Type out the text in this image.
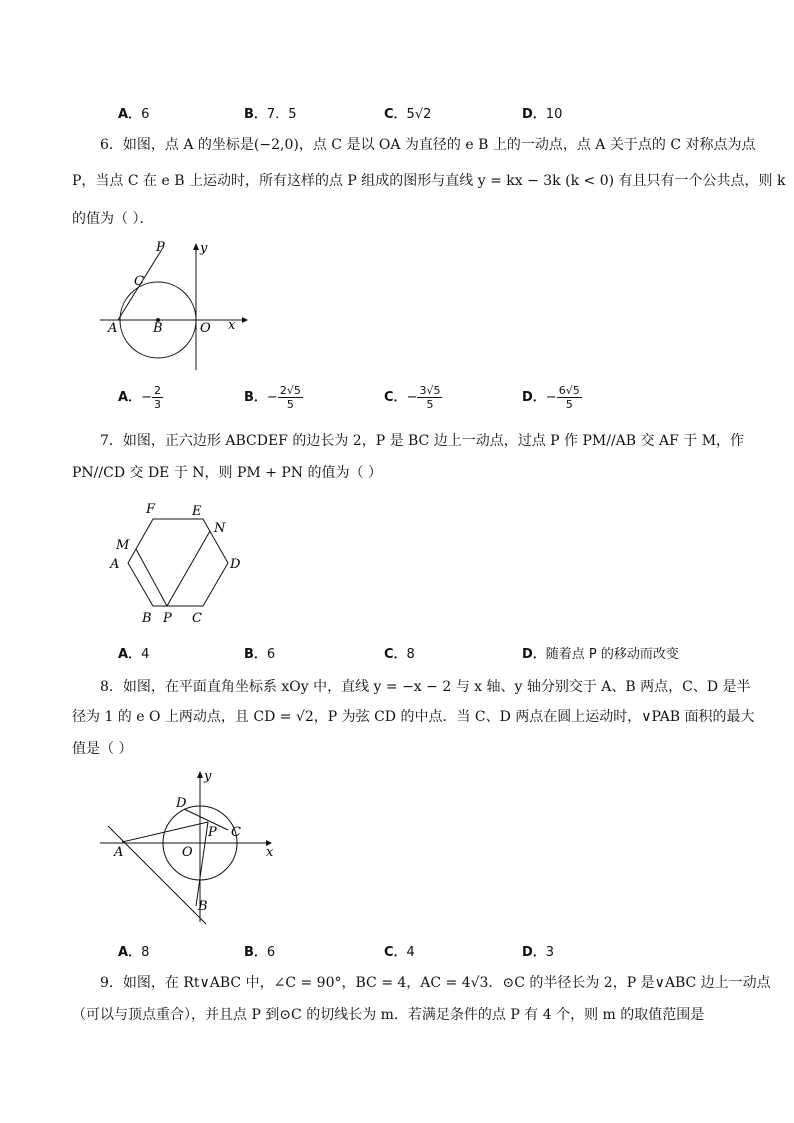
A．6	B．7．5	C．5√2	D．10
6．如图，点 A 的坐标是(−2,0)，点 C 是以 OA 为直径的 e B 上的一动点，点 A 关于点的 C 对称点为点
P，当点 C 在 e B 上运动时，所有这样的点 P 组成的图形与直线 y = kx − 3k (k < 0) 有且只有一个公共点，则 k
的值为（ ）．
P	y
C
A	B	O x
A．− $\frac{2}{3}$	B．− $\frac{2√5}{5}$	C．− $\frac{3√5}{5}$	D．− $\frac{6√5}{5}$
7．如图，正六边形 ABCDEF 的边长为 2，P 是 BC 边上一动点，过点 P 作 PM//AB 交 AF 于 M，作
PN//CD 交 DE 于 N，则 PM + PN 的值为（ ）
F	E
N
M
A	D
B P C
A．4	B．6	C．8	D．随着点 P 的移动而改变
8．如图，在平面直角坐标系 xOy 中，直线 y = −x − 2 与 x 轴、y 轴分别交于 A、B 两点，C、D 是半
径为 1 的 e O 上两动点，且 CD = √2，P 为弦 CD 的中点．当 C、D 两点在圆上运动时，∨PAB 面积的最大
值是（ ）
y
D
P C
A	O	x
B
A．8	B．6	C．4	D．3
9．如图，在 Rt∨ABC 中，∠C = 90°，BC = 4，AC = 4√3．⊙C 的半径长为 2，P 是∨ABC 边上一动点
（可以与顶点重合），并且点 P 到⊙C 的切线长为 m．若满足条件的点 P 有 4 个，则 m 的取值范围是
